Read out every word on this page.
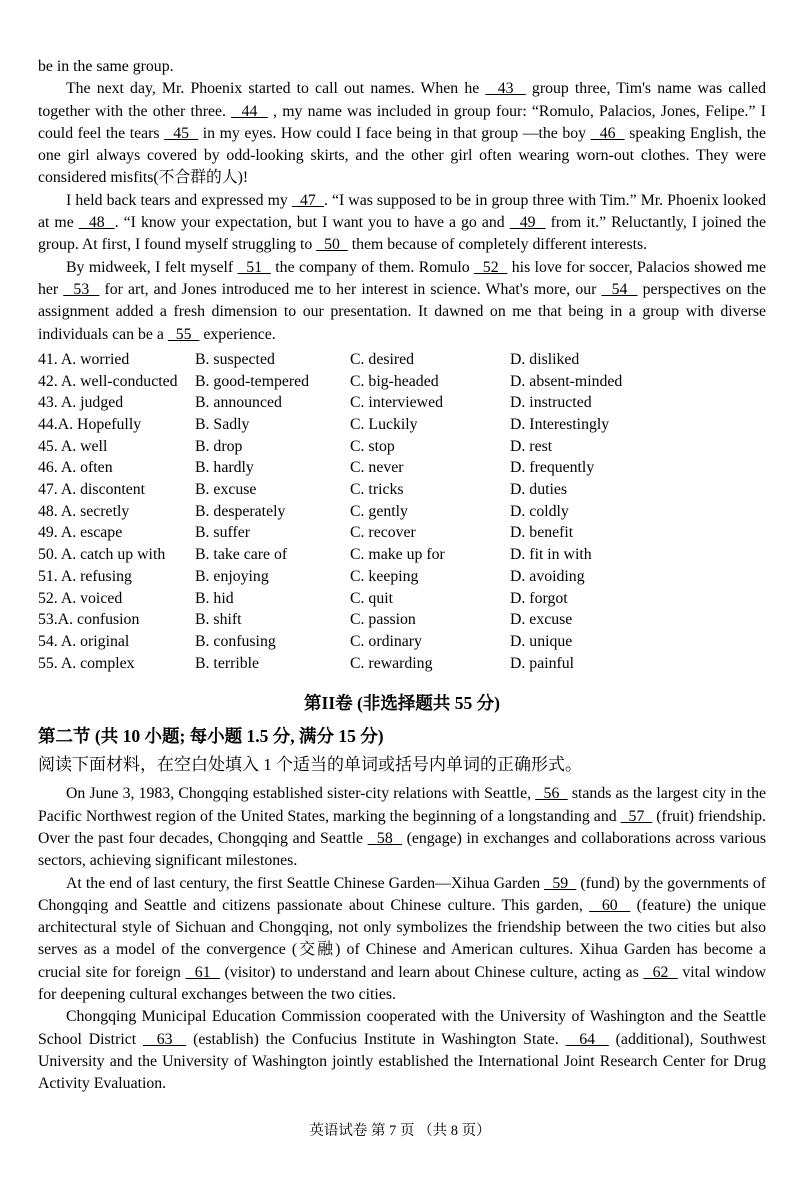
be in the same group.

The next day, Mr. Phoenix started to call out names. When he   43   group three, Tim's name was called together with the other three.   44   , my name was included in group four: “Romulo, Palacios, Jones, Felipe.” I could feel the tears   45   in my eyes. How could I face being in that group —the boy   46   speaking English, the one girl always covered by odd-looking skirts, and the other girl often wearing worn-out clothes. They were considered misfits(不合群的人)!

I held back tears and expressed my   47  . “I was supposed to be in group three with Tim.” Mr. Phoenix looked at me   48  . “I know your expectation, but I want you to have a go and   49   from it.” Reluctantly, I joined the group. At first, I found myself struggling to   50   them because of completely different interests.

By midweek, I felt myself   51   the company of them. Romulo   52   his love for soccer, Palacios showed me her   53   for art, and Jones introduced me to her interest in science. What's more, our   54   perspectives on the assignment added a fresh dimension to our presentation. It dawned on me that being in a group with diverse individuals can be a   55   experience.

41. A. worried	B. suspected	C. desired	D. disliked
42. A. well-conducted	B. good-tempered	C. big-headed	D. absent-minded
43. A. judged	B. announced	C. interviewed	D. instructed
44.A. Hopefully	B. Sadly	C. Luckily	D. Interestingly
45. A. well	B. drop	C. stop	D. rest
46. A. often	B. hardly	C. never	D. frequently
47. A. discontent	B. excuse	C. tricks	D. duties
48. A. secretly	B. desperately	C. gently	D. coldly
49. A. escape	B. suffer	C. recover	D. benefit
50. A. catch up with	B. take care of	C. make up for	D. fit in with
51. A. refusing	B. enjoying	C. keeping	D. avoiding
52. A. voiced	B. hid	C. quit	D. forgot
53.A. confusion	B. shift	C. passion	D. excuse
54. A. original	B. confusing	C. ordinary	D. unique
55. A. complex	B. terrible	C. rewarding	D. painful
第II卷 (非选择题共 55 分)
第二节 (共 10 小题; 每小题 1.5 分, 满分 15 分)
阅读下面材料，在空白处填入 1 个适当的单词或括号内单词的正确形式。

On June 3, 1983, Chongqing established sister-city relations with Seattle,   56   stands as the largest city in the Pacific Northwest region of the United States, marking the beginning of a longstanding and   57   (fruit) friendship. Over the past four decades, Chongqing and Seattle   58   (engage) in exchanges and collaborations across various sectors, achieving significant milestones.

At the end of last century, the first Seattle Chinese Garden—Xihua Garden   59   (fund) by the governments of Chongqing and Seattle and citizens passionate about Chinese culture. This garden,   60   (feature) the unique architectural style of Sichuan and Chongqing, not only symbolizes the friendship between the two cities but also serves as a model of the convergence (交融) of Chinese and American cultures. Xihua Garden has become a crucial site for foreign   61   (visitor) to understand and learn about Chinese culture, acting as   62   vital window for deepening cultural exchanges between the two cities.

Chongqing Municipal Education Commission cooperated with the University of Washington and the Seattle School District   63   (establish) the Confucius Institute in Washington State.   64   (additional), Southwest University and the University of Washington jointly established the International Joint Research Center for Drug Activity Evaluation.

英语试卷 第 7 页 （共 8 页）
